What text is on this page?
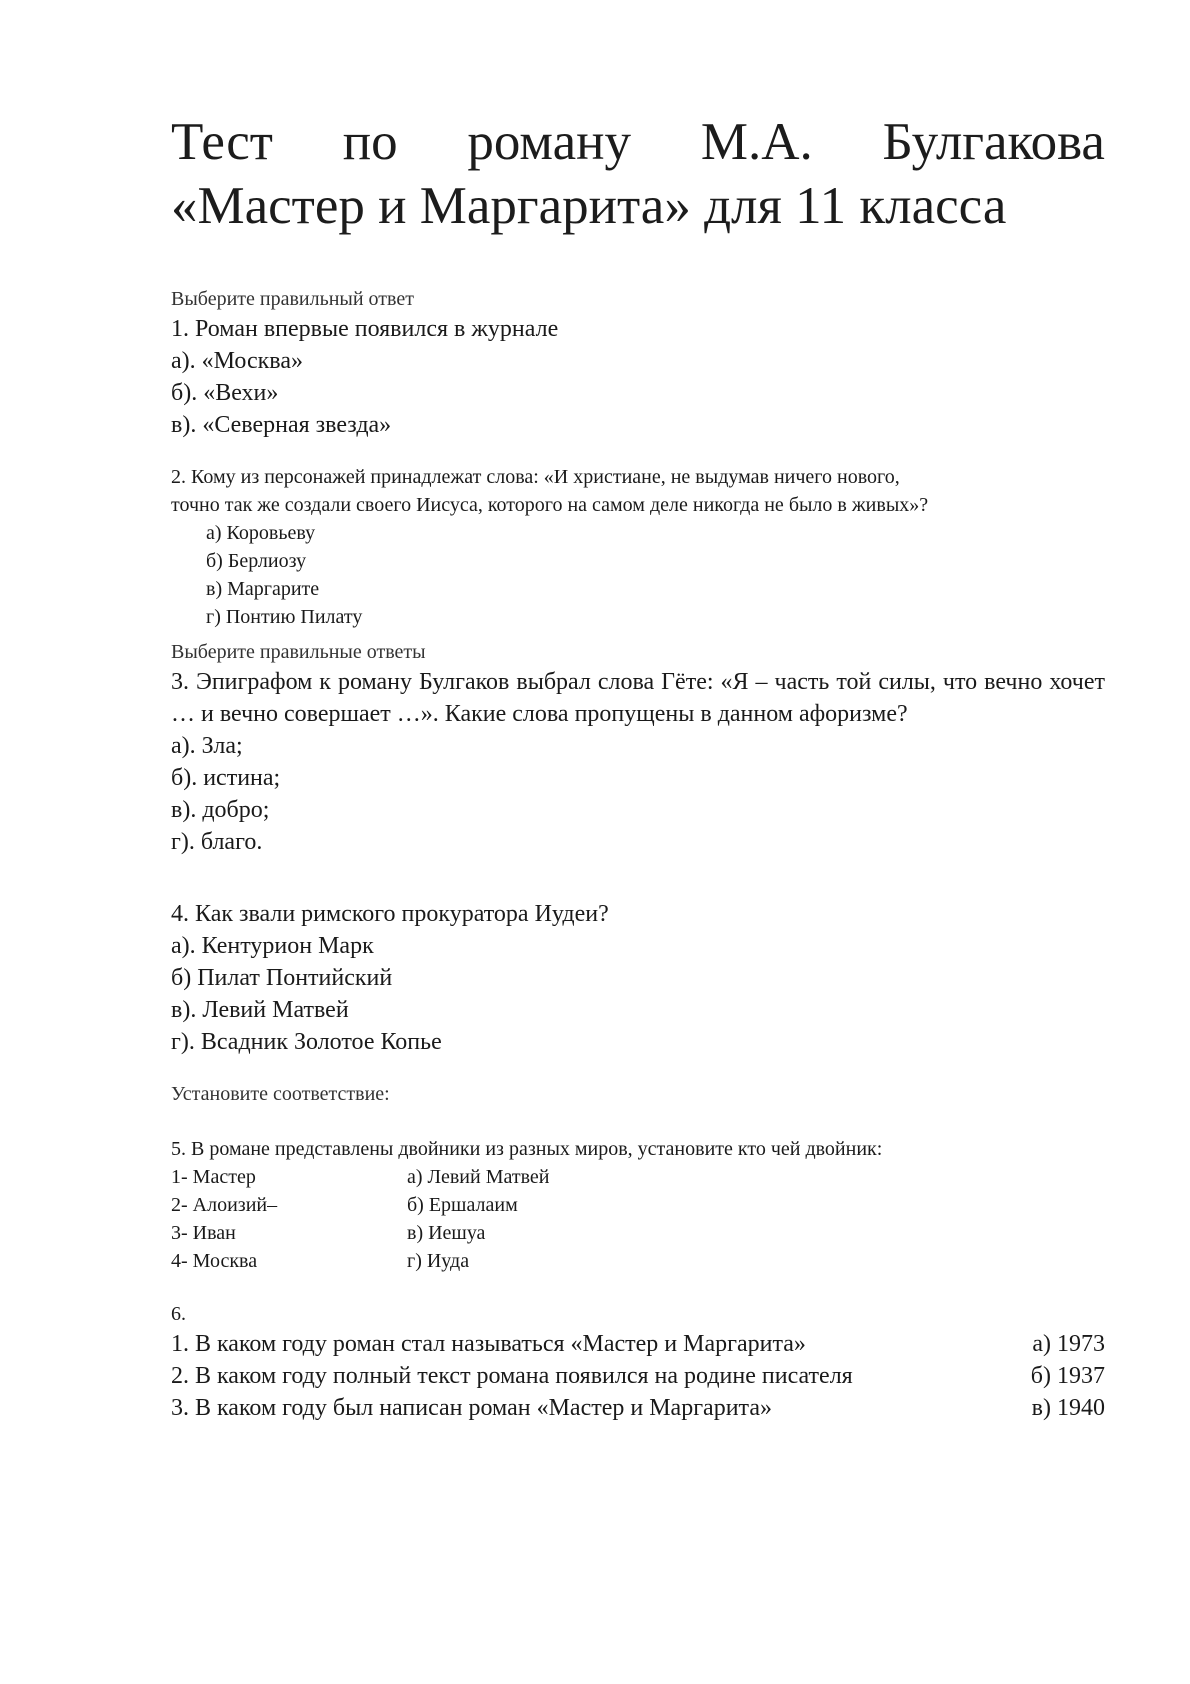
Тест по роману М.А. Булгакова
«Мастер и Маргарита» для 11 класса
Выберите правильный ответ
1. Роман впервые появился в журнале
а). «Москва»
б). «Вехи»
в). «Северная звезда»
2. Кому из персонажей принадлежат слова: «И христиане, не выдумав ничего нового,
точно так же создали своего Иисуса, которого на самом деле никогда не было в живых»?
а) Коровьеву
б) Берлиозу
в) Маргарите
г) Понтию Пилату
Выберите правильные ответы
3. Эпиграфом к роману Булгаков выбрал слова Гёте: «Я – часть той силы, что вечно хочет … и вечно совершает …». Какие слова пропущены в данном афоризме?
а). Зла;
б). истина;
в). добро;
г). благо.
4. Как звали римского прокуратора Иудеи?
а). Кентурион Марк
б) Пилат Понтийский
в). Левий Матвей
г). Всадник Золотое Копье
Установите соответствие:
5. В романе представлены двойники из разных миров, установите кто чей двойник:
1- Мастер	а) Левий Матвей
2- Алоизий–	б) Ершалаим
3- Иван	в) Иешуа
4- Москва	г) Иуда
6.
1. В каком году роман стал называться «Мастер и Маргарита»	а) 1973
2. В каком году полный текст романа появился на родине писателя	б) 1937
3. В каком году был написан роман «Мастер и Маргарита»	в) 1940
